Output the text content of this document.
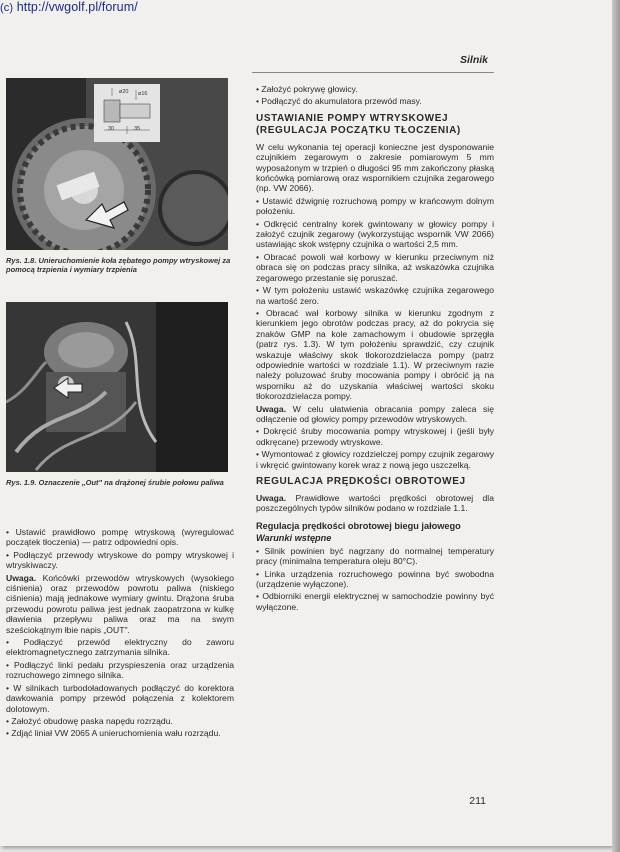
(c) http://vwgolf.pl/forum/
Silnik
ø20 ø16
30	35
Rys. 1.8. Unieruchomienie koła zębatego pompy wtryskowej za pomocą trzpienia i wymiary trzpienia
Rys. 1.9. Oznaczenie „Out" na drążonej śrubie połowu paliwa

• Ustawić prawidłowo pompę wtryskową (wyregulować początek tłoczenia) — patrz odpowiedni opis.

• Podłączyć przewody wtryskowe do pompy wtryskowej i wtryskiwaczy.

Uwaga. Końcówki przewodów wtryskowych (wysokiego ciśnienia) oraz przewodów powrotu paliwa (niskiego ciśnienia) mają jednakowe wymiary gwintu. Drążona śruba przewodu powrotu paliwa jest jednak zaopatrzona w kulkę dławienia przepływu paliwa oraz ma na swym sześciokątnym łbie napis „OUT".

• Podłączyć przewód elektryczny do zaworu elektromagnetycznego zatrzymania silnika.

• Podłączyć linki pedału przyspieszenia oraz urządzenia rozruchowego zimnego silnika.

• W silnikach turbodoładowanych podłączyć do korektora dawkowania pompy przewód połączenia z kolektorem dolotowym.

• Założyć obudowę paska napędu rozrządu.

• Zdjąć liniał VW 2065 A unieruchomienia wału rozrządu.

• Założyć pokrywę głowicy.

• Podłączyć do akumulatora przewód masy.

USTAWIANIE POMPY WTRYSKOWEJ (REGULACJA POCZĄTKU TŁOCZENIA)

W celu wykonania tej operacji konieczne jest dysponowanie czujnikiem zegarowym o zakresie pomiarowym 5 mm wyposażonym w trzpień o długości 95 mm zakończony płaską końcówką pomiarową oraz wspornikiem czujnika zegarowego (np. VW 2066).

• Ustawić dźwignię rozruchową pompy w krańcowym dolnym położeniu.

• Odkręcić centralny korek gwintowany w głowicy pompy i założyć czujnik zegarowy (wykorzystując wspornik VW 2066) ustawiając skok wstępny czujnika o wartości 2,5 mm.

• Obracać powoli wał korbowy w kierunku przeciwnym niż obraca się on podczas pracy silnika, aż wskazówka czujnika zegarowego przestanie się poruszać.

• W tym położeniu ustawić wskazówkę czujnika zegarowego na wartość zero.

• Obracać wał korbowy silnika w kierunku zgodnym z kierunkiem jego obrotów podczas pracy, aż do pokrycia się znaków GMP na kole zamachowym i obudowie sprzęgła (patrz rys. 1.3). W tym położeniu sprawdzić, czy czujnik wskazuje właściwy skok tłokorozdzielacza pompy (patrz odpowiednie wartości w rozdziale 1.1). W przeciwnym razie należy poluzować śruby mocowania pompy i obrócić ją na wsporniku aż do uzyskania właściwej wartości skoku tłokorozdzielacza pompy.

Uwaga. W celu ułatwienia obracania pompy zaleca się odłączenie od głowicy pompy przewodów wtryskowych.

• Dokręcić śruby mocowania pompy wtryskowej i (jeśli były odkręcane) przewody wtryskowe.

• Wymontować z głowicy rozdzielczej pompy czujnik zegarowy i wkręcić gwintowany korek wraz z nową jego uszczelką.

REGULACJA PRĘDKOŚCI OBROTOWEJ

Uwaga. Prawidłowe wartości prędkości obrotowej dla poszczególnych typów silników podano w rozdziale 1.1.

Regulacja prędkości obrotowej biegu jałowego
Warunki wstępne

• Silnik powinien być nagrzany do normalnej temperatury pracy (minimalna temperatura oleju 80°C).

• Linka urządzenia rozruchowego powinna być swobodna (urządzenie wyłączone).

• Odbiorniki energii elektrycznej w samochodzie powinny być wyłączone.

211
